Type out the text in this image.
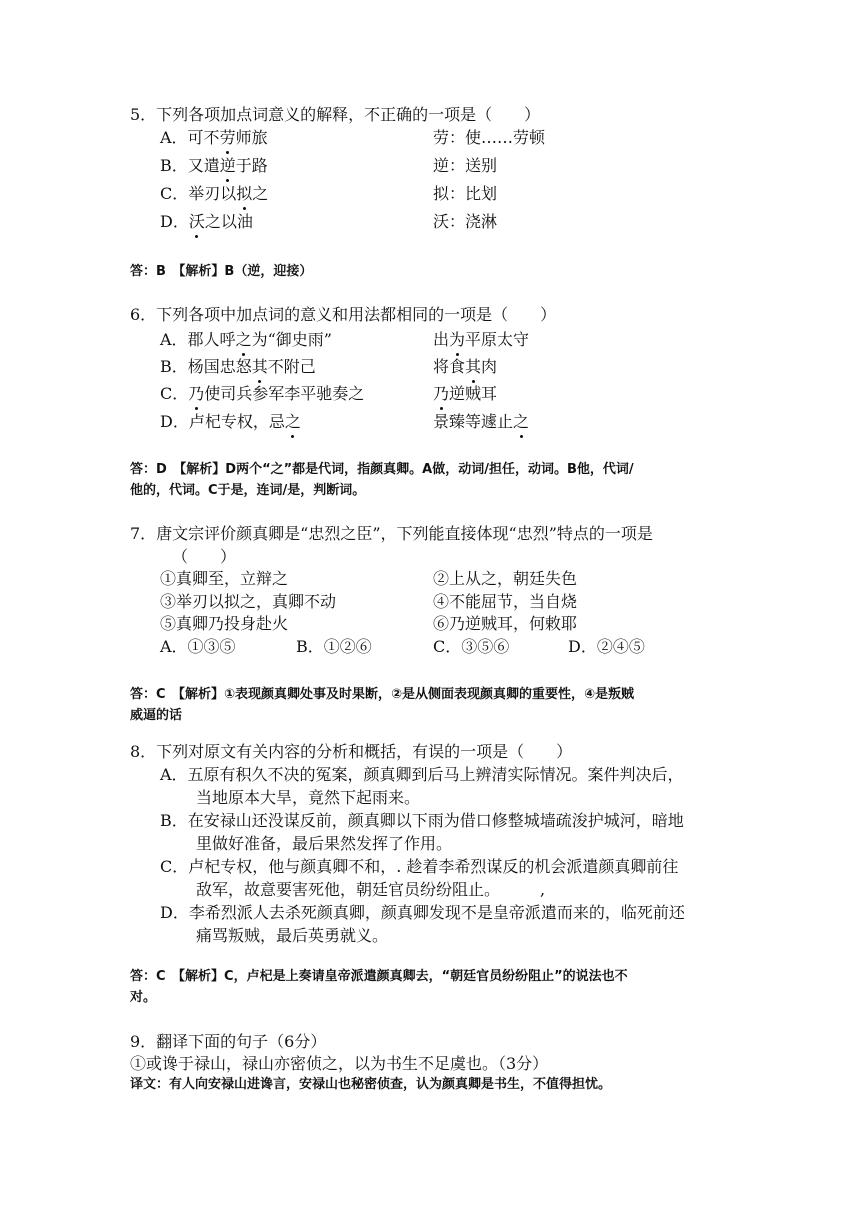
5．下列各项加点词意义的解释，不正确的一项是（　　）
A．可不劳师旅	劳：使……劳顿
B．又遣逆于路	逆：送别
C．举刃以拟之	拟：比划
D．沃之以油	沃：浇淋
答：B　【解析】B（逆，迎接）
6．下列各项中加点词的意义和用法都相同的一项是（　　）
A．郡人呼之为“御史雨”	出为平原太守
B．杨国忠怒其不附己	将食其肉
C．乃使司兵参军李平驰奏之	乃逆贼耳
D．卢杞专权，忌之	景臻等遽止之
答：D　【解析】D两个“之”都是代词，指颜真卿。A做，动词/担任，动词。B他，代词/
他的，代词。C于是，连词/是，判断词。
7．唐文宗评价颜真卿是“忠烈之臣”，下列能直接体现“忠烈”特点的一项是
（　　）
①真卿至，立辩之	②上从之，朝廷失色
③举刃以拟之，真卿不动	④不能屈节，当自烧
⑤真卿乃投身赴火	⑥乃逆贼耳，何敕耶
A．①③⑤	B．①②⑥	C．③⑤⑥	D．②④⑤
答：C　【解析】①表现颜真卿处事及时果断，②是从侧面表现颜真卿的重要性，④是叛贼
威逼的话
8．下列对原文有关内容的分析和概括，有误的一项是（　　）
A．五原有积久不决的冤案，颜真卿到后马上辨清实际情况。案件判决后，
当地原本大旱，竟然下起雨来。
B．在安禄山还没谋反前，颜真卿以下雨为借口修整城墙疏浚护城河，暗地
里做好准备，最后果然发挥了作用。
C．卢杞专权，他与颜真卿不和，. 趁着李希烈谋反的机会派遣颜真卿前往
敌军，故意要害死他，朝廷官员纷纷阻止。　　　,
D．李希烈派人去杀死颜真卿，颜真卿发现不是皇帝派遣而来的，临死前还
痛骂叛贼，最后英勇就义。
答：C　【解析】C，卢杞是上奏请皇帝派遣颜真卿去，“朝廷官员纷纷阻止”的说法也不
对。
9．翻译下面的句子（6分）
①或谗于禄山，禄山亦密侦之，以为书生不足虞也。（3分）
译文：有人向安禄山进谗言，安禄山也秘密侦查，认为颜真卿是书生，不值得担忧。
